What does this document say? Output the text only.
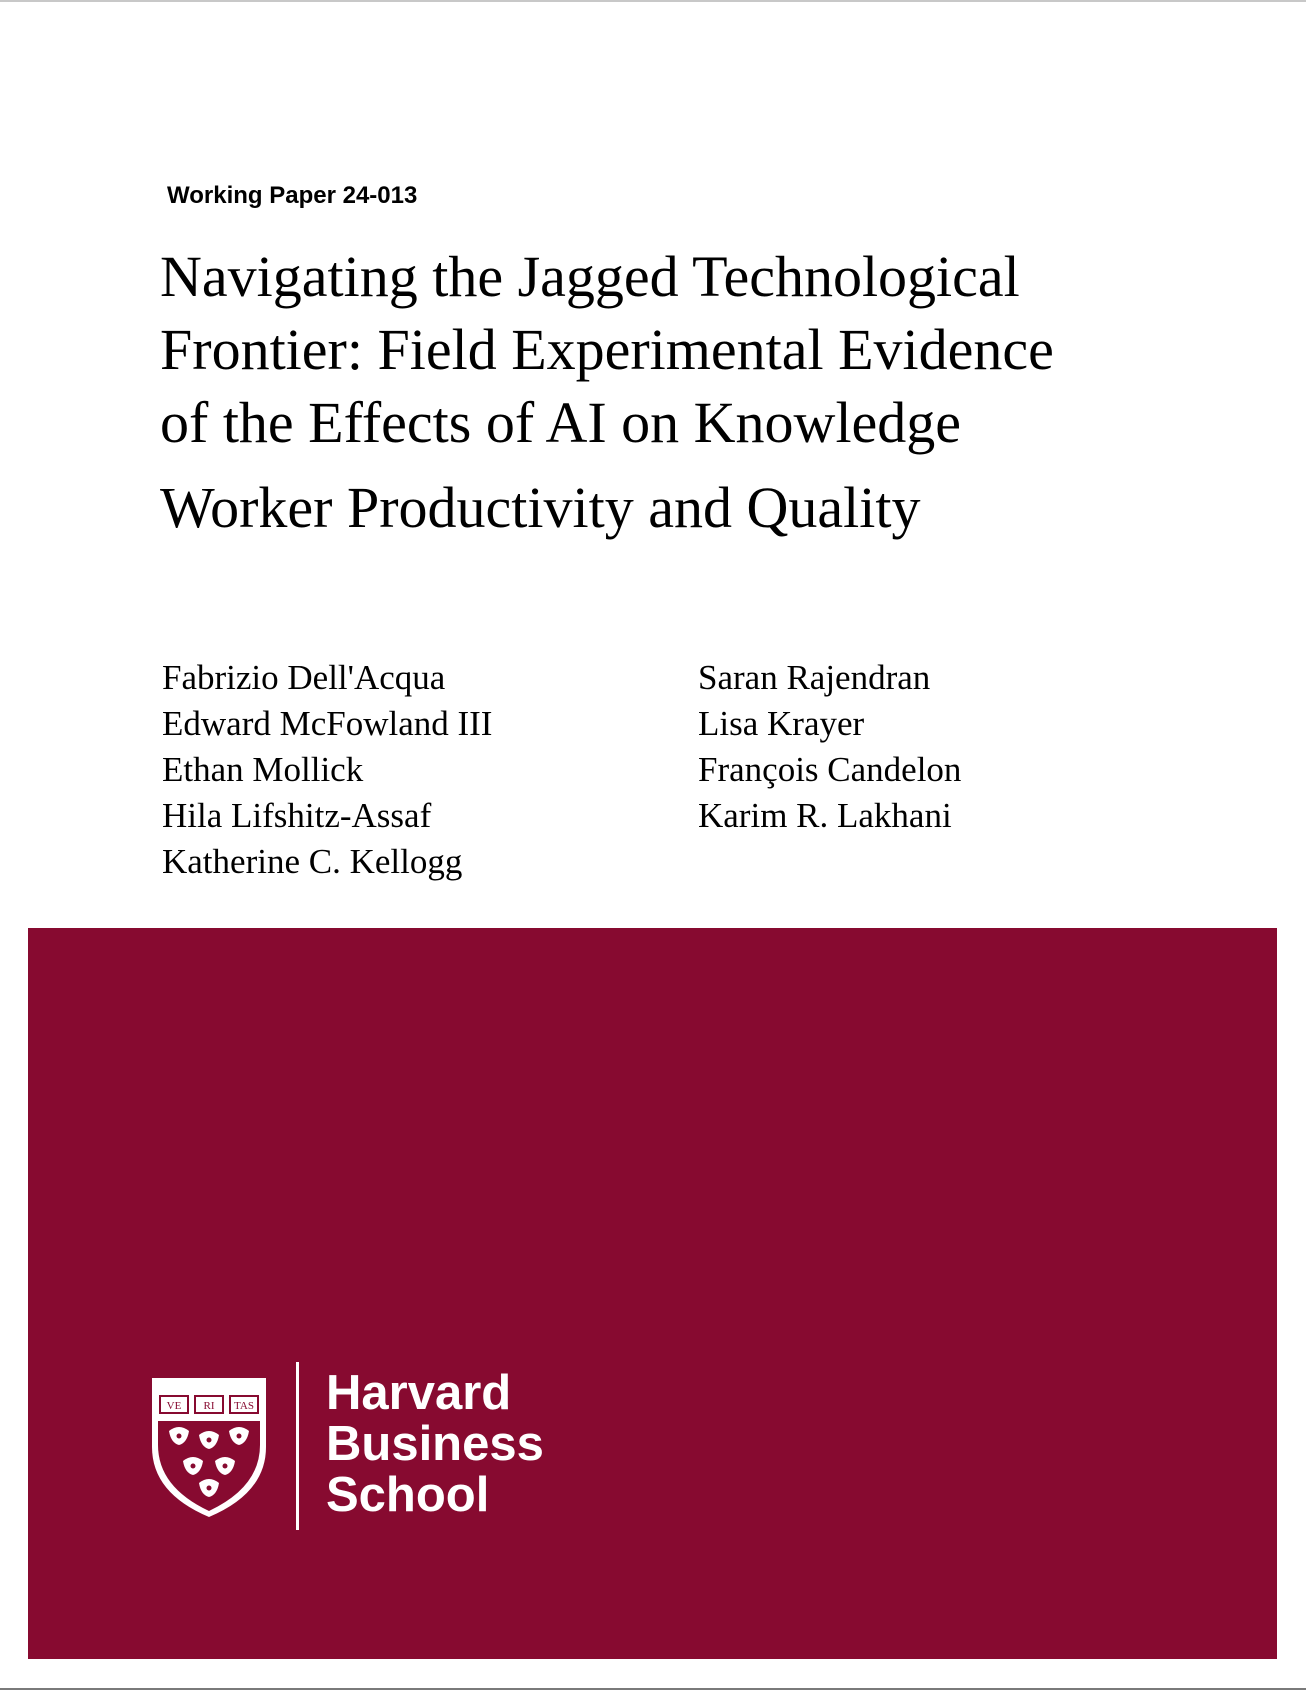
Working Paper 24-013
Navigating the Jagged Technological
Frontier: Field Experimental Evidence
of the Effects of AI on Knowledge
Worker Productivity and Quality
Fabrizio Dell'Acqua
Edward McFowland III
Ethan Mollick
Hila Lifshitz-Assaf
Katherine C. Kellogg
Saran Rajendran
Lisa Krayer
François Candelon
Karim R. Lakhani
VE RI TAS Harvard
Business
School
